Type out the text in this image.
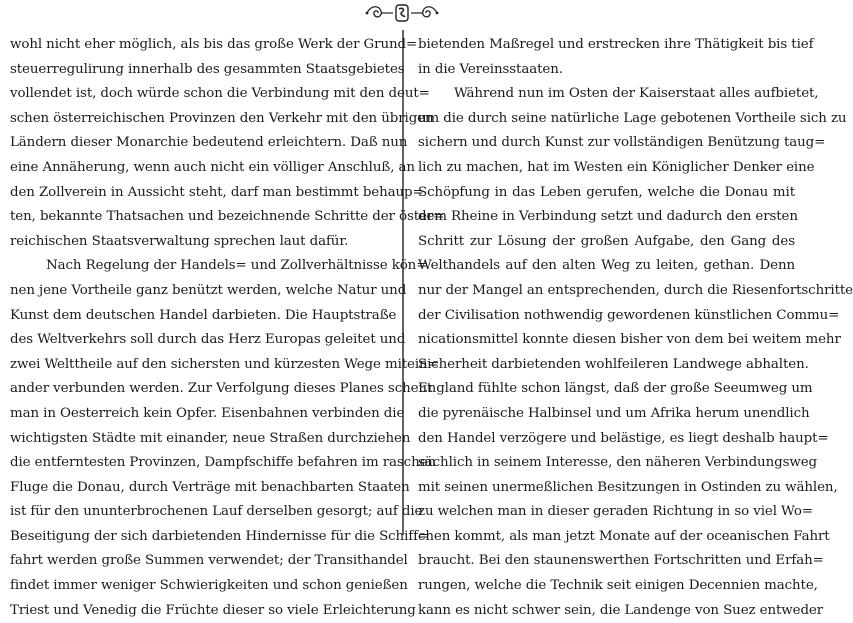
wohl nicht eher möglich, als bis das große Werk der Grund=
steuerregulirung innerhalb des gesammten Staatsgebietes
vollendet ist, doch würde schon die Verbindung mit den deut=
schen österreichischen Provinzen den Verkehr mit den übrigen
Ländern dieser Monarchie bedeutend erleichtern. Daß nun
eine Annäherung, wenn auch nicht ein völliger Anschluß, an
den Zollverein in Aussicht steht, darf man bestimmt behaup=
ten, bekannte Thatsachen und bezeichnende Schritte der öster=
reichischen Staatsverwaltung sprechen laut dafür.
Nach Regelung der Handels= und Zollverhältnisse kön=
nen jene Vortheile ganz benützt werden, welche Natur und
Kunst dem deutschen Handel darbieten. Die Hauptstraße
des Weltverkehrs soll durch das Herz Europas geleitet und
zwei Welttheile auf den sichersten und kürzesten Wege mitein=
ander verbunden werden. Zur Verfolgung dieses Planes scheut
man in Oesterreich kein Opfer. Eisenbahnen verbinden die
wichtigsten Städte mit einander, neue Straßen durchziehen
die entferntesten Provinzen, Dampfschiffe befahren im raschen
Fluge die Donau, durch Verträge mit benachbarten Staaten
ist für den ununterbrochenen Lauf derselben gesorgt; auf die
Beseitigung der sich darbietenden Hindernisse für die Schiff=
fahrt werden große Summen verwendet; der Transithandel
findet immer weniger Schwierigkeiten und schon genießen
Triest und Venedig die Früchte dieser so viele Erleichterung
bietenden Maßregel und erstrecken ihre Thätigkeit bis tief
in die Vereinsstaaten.
Während nun im Osten der Kaiserstaat alles aufbietet,
um die durch seine natürliche Lage gebotenen Vortheile sich zu
sichern und durch Kunst zur vollständigen Benützung taug=
lich zu machen, hat im Westen ein Königlicher Denker eine
Schöpfung in das Leben gerufen, welche die Donau mit
dem Rheine in Verbindung setzt und dadurch den ersten
Schritt zur Lösung der großen Aufgabe, den Gang des
Welthandels auf den alten Weg zu leiten, gethan. Denn
nur der Mangel an entsprechenden, durch die Riesenfortschritte
der Civilisation nothwendig gewordenen künstlichen Commu=
nicationsmittel konnte diesen bisher von dem bei weitem mehr
Sicherheit darbietenden wohlfeileren Landwege abhalten.
England fühlte schon längst, daß der große Seeumweg um
die pyrenäische Halbinsel und um Afrika herum unendlich
den Handel verzögere und belästige, es liegt deshalb haupt=
sächlich in seinem Interesse, den näheren Verbindungsweg
mit seinen unermeßlichen Besitzungen in Ostinden zu wählen,
zu welchen man in dieser geraden Richtung in so viel Wo=
chen kommt, als man jetzt Monate auf der oceanischen Fahrt
braucht. Bei den staunenswerthen Fortschritten und Erfah=
rungen, welche die Technik seit einigen Decennien machte,
kann es nicht schwer sein, die Landenge von Suez entweder
